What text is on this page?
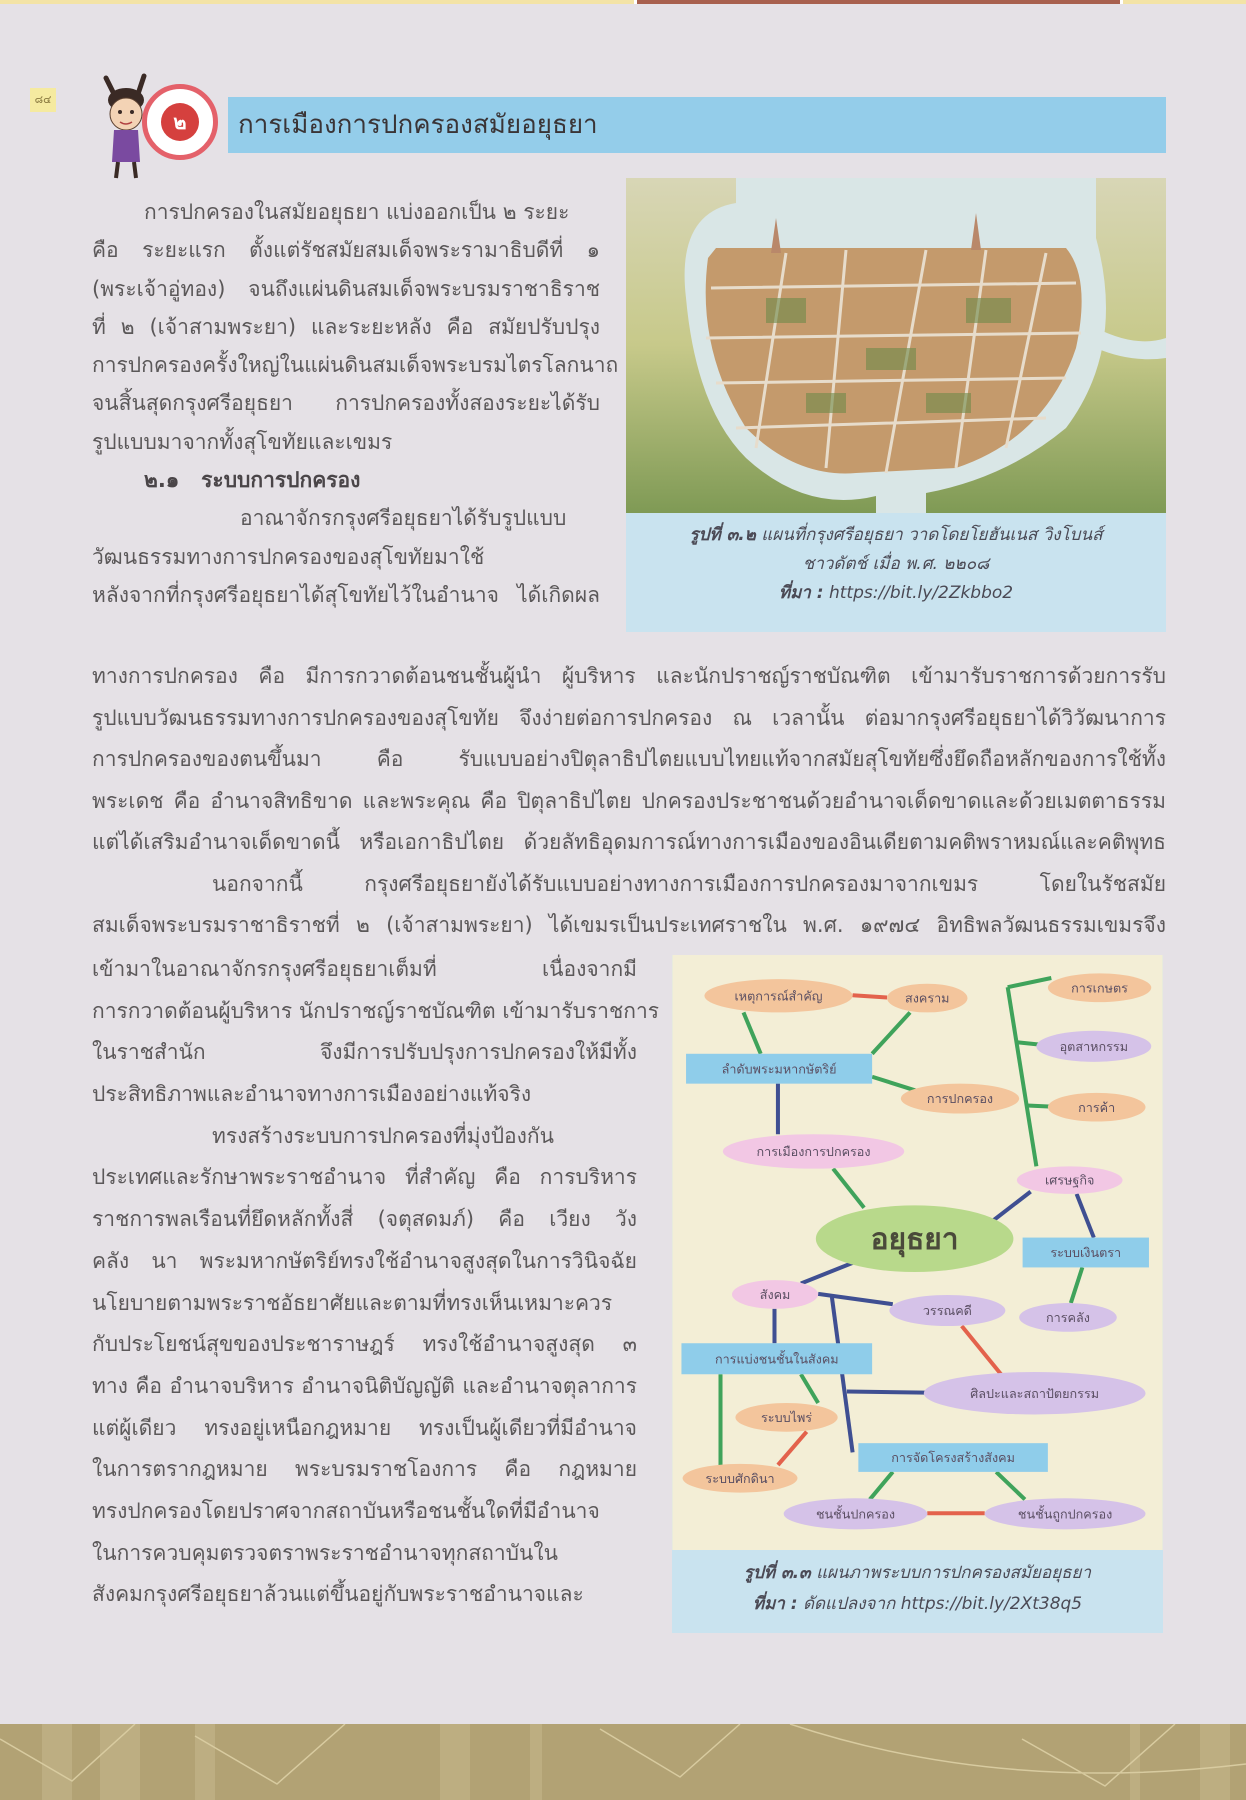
๘๔
๒	การเมืองการปกครองสมัยอยุธยา
การปกครองในสมัยอยุธยา แบ่งออกเป็น ๒ ระยะ
คือ ระยะแรก ตั้งแต่รัชสมัยสมเด็จพระรามาธิบดีที่ ๑
(พระเจ้าอู่ทอง) จนถึงแผ่นดินสมเด็จพระบรมราชาธิราช
ที่ ๒ (เจ้าสามพระยา) และระยะหลัง คือ สมัยปรับปรุง
การปกครองครั้งใหญ่ในแผ่นดินสมเด็จพระบรมไตรโลกนาถ
จนสิ้นสุดกรุงศรีอยุธยา การปกครองทั้งสองระยะได้รับ
รูปแบบมาจากทั้งสุโขทัยและเขมร
๒.๑ ระบบการปกครอง
อาณาจักรกรุงศรีอยุธยาได้รับรูปแบบ
วัฒนธรรมทางการปกครองของสุโขทัยมาใช้
หลังจากที่กรุงศรีอยุธยาได้สุโขทัยไว้ในอำนาจ ได้เกิดผล
รูปที่ ๓.๒ แผนที่กรุงศรีอยุธยา วาดโดยโยฮันเนส วิงโบนส์
ชาวดัตช์ เมื่อ พ.ศ. ๒๒๐๘
ที่มา : https://bit.ly/2Zkbbo2
ทางการปกครอง คือ มีการกวาดต้อนชนชั้นผู้นำ ผู้บริหาร และนักปราชญ์ราชบัณฑิต เข้ามารับราชการด้วยการรับ
รูปแบบวัฒนธรรมทางการปกครองของสุโขทัย จึงง่ายต่อการปกครอง ณ เวลานั้น ต่อมากรุงศรีอยุธยาได้วิวัฒนาการ
การปกครองของตนขึ้นมา คือ รับแบบอย่างปิตุลาธิปไตยแบบไทยแท้จากสมัยสุโขทัยซึ่งยึดถือหลักของการใช้ทั้ง
พระเดช คือ อำนาจสิทธิขาด และพระคุณ คือ ปิตุลาธิปไตย ปกครองประชาชนด้วยอำนาจเด็ดขาดและด้วยเมตตาธรรม
แต่ได้เสริมอำนาจเด็ดขาดนี้ หรือเอกาธิปไตย ด้วยลัทธิอุดมการณ์ทางการเมืองของอินเดียตามคติพราหมณ์และคติพุทธ
นอกจากนี้ กรุงศรีอยุธยายังได้รับแบบอย่างทางการเมืองการปกครองมาจากเขมร โดยในรัชสมัย
สมเด็จพระบรมราชาธิราชที่ ๒ (เจ้าสามพระยา) ได้เขมรเป็นประเทศราชใน พ.ศ. ๑๙๗๔ อิทธิพลวัฒนธรรมเขมรจึง
เข้ามาในอาณาจักรกรุงศรีอยุธยาเต็มที่ เนื่องจากมี
การกวาดต้อนผู้บริหาร นักปราชญ์ราชบัณฑิต เข้ามารับราชการ
ในราชสำนัก จึงมีการปรับปรุงการปกครองให้มีทั้ง
ประสิทธิภาพและอำนาจทางการเมืองอย่างแท้จริง
ทรงสร้างระบบการปกครองที่มุ่งป้องกัน
ประเทศและรักษาพระราชอำนาจ ที่สำคัญ คือ การบริหาร
ราชการพลเรือนที่ยึดหลักทั้งสี่ (จตุสดมภ์) คือ เวียง วัง
คลัง นา พระมหากษัตริย์ทรงใช้อำนาจสูงสุดในการวินิจฉัย
นโยบายตามพระราชอัธยาศัยและตามที่ทรงเห็นเหมาะควร
กับประโยชน์สุขของประชาราษฎร์ ทรงใช้อำนาจสูงสุด ๓
ทาง คือ อำนาจบริหาร อำนาจนิติบัญญัติ และอำนาจตุลาการ
แต่ผู้เดียว ทรงอยู่เหนือกฎหมาย ทรงเป็นผู้เดียวที่มีอำนาจ
ในการตรากฎหมาย พระบรมราชโองการ คือ กฎหมาย
ทรงปกครองโดยปราศจากสถาบันหรือชนชั้นใดที่มีอำนาจ
ในการควบคุมตรวจตราพระราชอำนาจทุกสถาบันใน
สังคมกรุงศรีอยุธยาล้วนแต่ขึ้นอยู่กับพระราชอำนาจและ
เหตุการณ์สำคัญ	สงคราม
การเกษตร
อุตสาหกรรม
ลำดับพระมหากษัตริย์
การปกครอง
การค้า
การเมืองการปกครอง
เศรษฐกิจ
อยุธยา	ระบบเงินตรา
สังคม
วรรณคดี	การคลัง
การแบ่งชนชั้นในสังคม
ศิลปะและสถาปัตยกรรม
ระบบไพร่
การจัดโครงสร้างสังคม
ระบบศักดินา
ชนชั้นปกครอง	ชนชั้นถูกปกครอง
รูปที่ ๓.๓ แผนภาพระบบการปกครองสมัยอยุธยา
ที่มา : ดัดแปลงจาก https://bit.ly/2Xt38q5
